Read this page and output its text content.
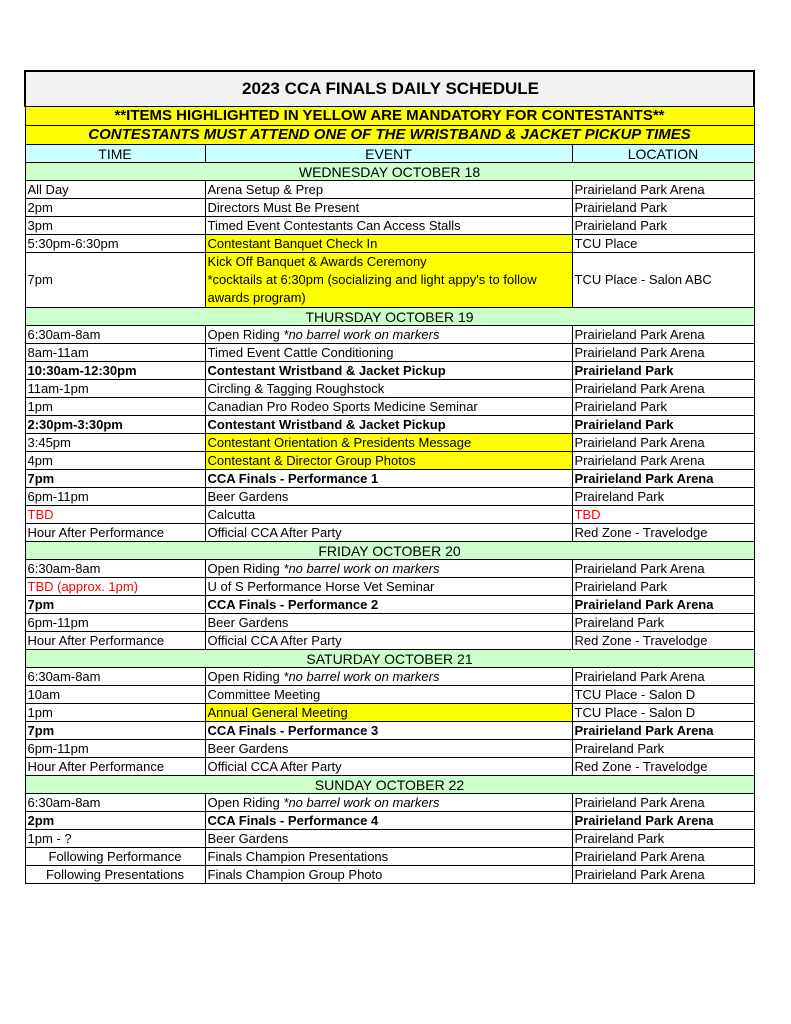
2023 CCA FINALS DAILY SCHEDULE		
**ITEMS HIGHLIGHTED IN YELLOW ARE MANDATORY FOR CONTESTANTS**		
CONTESTANTS MUST ATTEND ONE OF THE WRISTBAND & JACKET PICKUP TIMES		
TIME	EVENT	LOCATION
WEDNESDAY OCTOBER 18		
All Day	Arena Setup & Prep	Prairieland Park Arena
2pm	Directors Must Be Present	Prairieland Park
3pm	Timed Event Contestants Can Access Stalls	Prairieland Park
5:30pm-6:30pm	Contestant Banquet Check In	TCU Place
7pm	Kick Off Banquet & Awards Ceremony
*cocktails at 6:30pm (socializing and light appy's to follow
awards program)	TCU Place - Salon ABC
THURSDAY OCTOBER 19		
6:30am-8am	Open Riding *no barrel work on markers	Prairieland Park Arena
8am-11am	Timed Event Cattle Conditioning	Prairieland Park Arena
10:30am-12:30pm	Contestant Wristband & Jacket Pickup	Prairieland Park
11am-1pm	Circling & Tagging Roughstock	Prairieland Park Arena
1pm	Canadian Pro Rodeo Sports Medicine Seminar	Prairieland Park
2:30pm-3:30pm	Contestant Wristband & Jacket Pickup	Prairieland Park
3:45pm	Contestant Orientation & Presidents Message	Prairieland Park Arena
4pm	Contestant & Director Group Photos	Prairieland Park Arena
7pm	CCA Finals - Performance 1	Prairieland Park Arena
6pm-11pm	Beer Gardens	Praireland Park
TBD	Calcutta	TBD
Hour After Performance	Official CCA After Party	Red Zone - Travelodge
FRIDAY OCTOBER 20		
6:30am-8am	Open Riding *no barrel work on markers	Prairieland Park Arena
TBD (approx. 1pm)	U of S Performance Horse Vet Seminar	Prairieland Park
7pm	CCA Finals - Performance 2	Prairieland Park Arena
6pm-11pm	Beer Gardens	Praireland Park
Hour After Performance	Official CCA After Party	Red Zone - Travelodge
SATURDAY OCTOBER 21		
6:30am-8am	Open Riding *no barrel work on markers	Prairieland Park Arena
10am	Committee Meeting	TCU Place - Salon D
1pm	Annual General Meeting	TCU Place - Salon D
7pm	CCA Finals - Performance 3	Prairieland Park Arena
6pm-11pm	Beer Gardens	Praireland Park
Hour After Performance	Official CCA After Party	Red Zone - Travelodge
SUNDAY OCTOBER 22		
6:30am-8am	Open Riding *no barrel work on markers	Prairieland Park Arena
2pm	CCA Finals - Performance 4	Prairieland Park Arena
1pm - ?	Beer Gardens	Praireland Park
Following Performance	Finals Champion Presentations	Prairieland Park Arena
Following Presentations	Finals Champion Group Photo	Prairieland Park Arena
